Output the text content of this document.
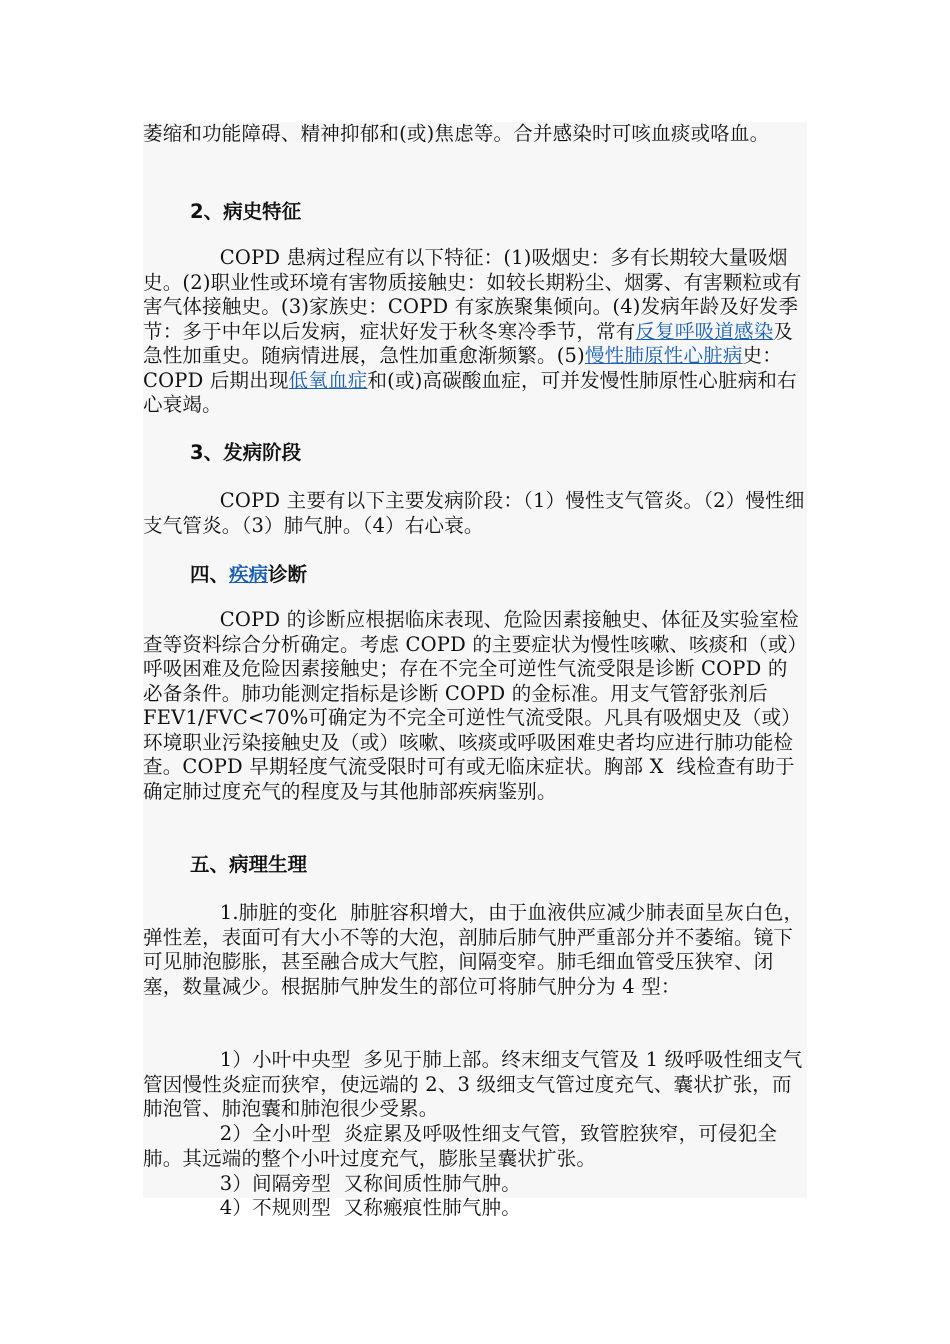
萎缩和功能障碍、精神抑郁和(或)焦虑等。合并感染时可咳血痰或咯血。

2、病史特征

COPD 患病过程应有以下特征：(1)吸烟史：多有长期较大量吸烟史。(2)职业性或环境有害物质接触史：如较长期粉尘、烟雾、有害颗粒或有害气体接触史。(3)家族史：COPD 有家族聚集倾向。(4)发病年龄及好发季节：多于中年以后发病，症状好发于秋冬寒冷季节，常有反复呼吸道感染及急性加重史。随病情进展，急性加重愈渐频繁。(5)慢性肺原性心脏病史：COPD 后期出现低氧血症和(或)高碳酸血症，可并发慢性肺原性心脏病和右心衰竭。

3、发病阶段

COPD 主要有以下主要发病阶段：（1）慢性支气管炎。（2）慢性细支气管炎。（3）肺气肿。（4）右心衰。

四、疾病诊断

COPD 的诊断应根据临床表现、危险因素接触史、体征及实验室检查等资料综合分析确定。考虑 COPD 的主要症状为慢性咳嗽、咳痰和（或）呼吸困难及危险因素接触史；存在不完全可逆性气流受限是诊断 COPD 的必备条件。肺功能测定指标是诊断 COPD 的金标准。用支气管舒张剂后 FEV1/FVC<70%可确定为不完全可逆性气流受限。凡具有吸烟史及（或）环境职业污染接触史及（或）咳嗽、咳痰或呼吸困难史者均应进行肺功能检查。COPD 早期轻度气流受限时可有或无临床症状。胸部 X  线检查有助于确定肺过度充气的程度及与其他肺部疾病鉴别。

五、病理生理

1.肺脏的变化  肺脏容积增大，由于血液供应减少肺表面呈灰白色，弹性差，表面可有大小不等的大泡，剖肺后肺气肿严重部分并不萎缩。镜下可见肺泡膨胀，甚至融合成大气腔，间隔变窄。肺毛细血管受压狭窄、闭塞，数量减少。根据肺气肿发生的部位可将肺气肿分为 4 型：

1）小叶中央型  多见于肺上部。终末细支气管及 1 级呼吸性细支气管因慢性炎症而狭窄，使远端的 2、3 级细支气管过度充气、囊状扩张，而肺泡管、肺泡囊和肺泡很少受累。

2）全小叶型  炎症累及呼吸性细支气管，致管腔狭窄，可侵犯全肺。其远端的整个小叶过度充气，膨胀呈囊状扩张。

3）间隔旁型  又称间质性肺气肿。

4）不规则型  又称瘢痕性肺气肿。
